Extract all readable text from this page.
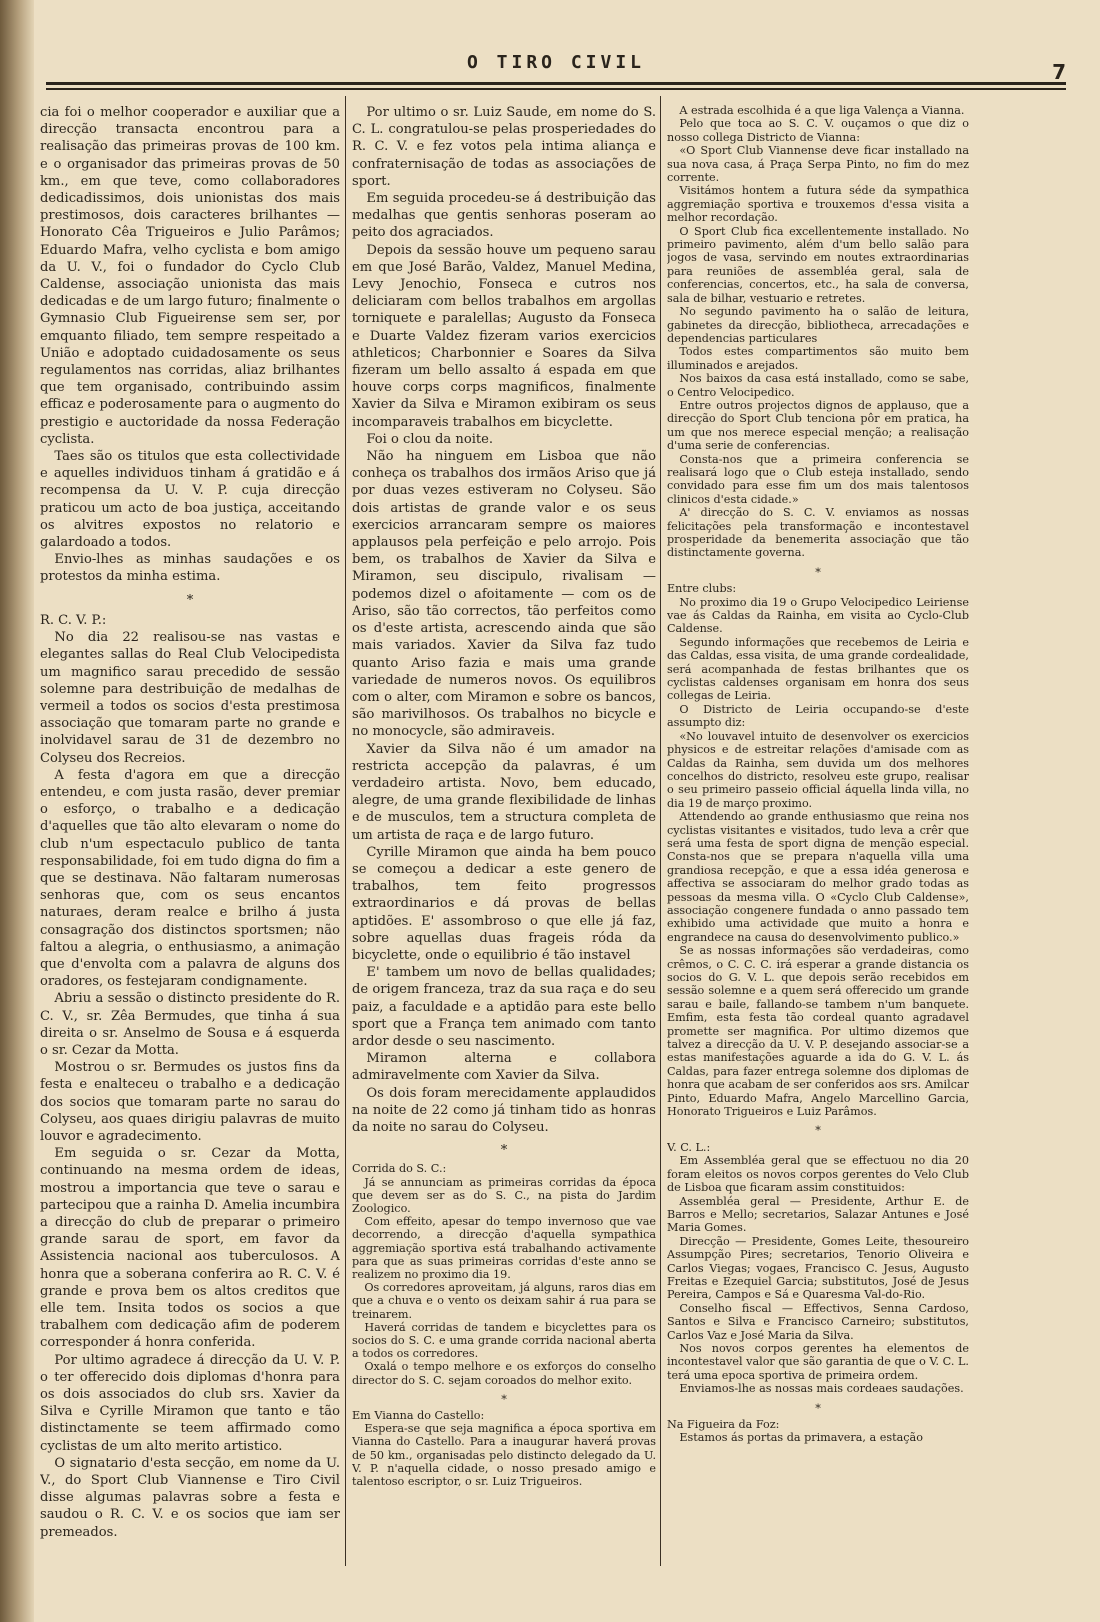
O TIRO CIVIL	7

cia foi o melhor cooperador e auxiliar que a direcção transacta encontrou para a realisação das primeiras provas de 100 km. e o organisador das primeiras provas de 50 km., em que teve, como collaboradores dedicadissimos, dois unionistas dos mais prestimosos, dois caracteres brilhantes — Honorato Cêa Trigueiros e Julio Parâmos; Eduardo Mafra, velho cyclista e bom amigo da U. V., foi o fundador do Cyclo Club Caldense, associação unionista das mais dedicadas e de um largo futuro; finalmente o Gymnasio Club Figueirense sem ser, por emquanto filiado, tem sempre respeitado a União e adoptado cuidadosamente os seus regulamentos nas corridas, aliaz brilhantes que tem organisado, contribuindo assim efficaz e poderosamente para o augmento do prestigio e auctoridade da nossa Federação cyclista.

Taes são os titulos que esta collectividade e aquelles individuos tinham á gratidão e á recompensa da U. V. P. cuja direcção praticou um acto de boa justiça, acceitando os alvitres expostos no relatorio e galardoado a todos.

Envio-lhes as minhas saudações e os protestos da minha estima.

*

R. C. V. P.:

No dia 22 realisou-se nas vastas e elegantes sallas do Real Club Velocipedista um magnifico sarau precedido de sessão solemne para destribuição de medalhas de vermeil a todos os socios d'esta prestimosa associação que tomaram parte no grande e inolvidavel sarau de 31 de dezembro no Colyseu dos Recreios.

A festa d'agora em que a direcção entendeu, e com justa rasão, dever premiar o esforço, o trabalho e a dedicação d'aquelles que tão alto elevaram o nome do club n'um espectaculo publico de tanta responsabilidade, foi em tudo digna do fim a que se destinava. Não faltaram numerosas senhoras que, com os seus encantos naturaes, deram realce e brilho á justa consagração dos distinctos sportsmen; não faltou a alegria, o enthusiasmo, a animação que d'envolta com a palavra de alguns dos oradores, os festejaram condignamente.

Abriu a sessão o distincto presidente do R. C. V., sr. Zêa Bermudes, que tinha á sua direita o sr. Anselmo de Sousa e á esquerda o sr. Cezar da Motta.

Mostrou o sr. Bermudes os justos fins da festa e enalteceu o trabalho e a dedicação dos socios que tomaram parte no sarau do Colyseu, aos quaes dirigiu palavras de muito louvor e agradecimento.

Em seguida o sr. Cezar da Motta, continuando na mesma ordem de ideas, mostrou a importancia que teve o sarau e partecipou que a rainha D. Amelia incumbira a direcção do club de preparar o primeiro grande sarau de sport, em favor da Assistencia nacional aos tuberculosos. A honra que a soberana conferira ao R. C. V. é grande e prova bem os altos creditos que elle tem. Insita todos os socios a que trabalhem com dedicação afim de poderem corresponder á honra conferida.

Por ultimo agradece á direcção da U. V. P. o ter offerecido dois diplomas d'honra para os dois associados do club srs. Xavier da Silva e Cyrille Miramon que tanto e tão distinctamente se teem affirmado como cyclistas de um alto merito artistico.

O signatario d'esta secção, em nome da U. V., do Sport Club Viannense e Tiro Civil disse algumas palavras sobre a festa e saudou o R. C. V. e os socios que iam ser premeados.

Por ultimo o sr. Luiz Saude, em nome do S. C. L. congratulou-se pelas prosperiedades do R. C. V. e fez votos pela intima aliança e confraternisação de todas as associações de sport.

Em seguida procedeu-se á destribuição das medalhas que gentis senhoras poseram ao peito dos agraciados.

Depois da sessão houve um pequeno sarau em que José Barão, Valdez, Manuel Medina, Levy Jenochio, Fonseca e cutros nos deliciaram com bellos trabalhos em argollas torniquete e paralellas; Augusto da Fonseca e Duarte Valdez fizeram varios exercicios athleticos; Charbonnier e Soares da Silva fizeram um bello assalto á espada em que houve corps corps magnificos, finalmente Xavier da Silva e Miramon exibiram os seus incomparaveis trabalhos em bicyclette.

Foi o clou da noite.

Não ha ninguem em Lisboa que não conheça os trabalhos dos irmãos Ariso que já por duas vezes estiveram no Colyseu. São dois artistas de grande valor e os seus exercicios arrancaram sempre os maiores applausos pela perfeição e pelo arrojo. Pois bem, os trabalhos de Xavier da Silva e Miramon, seu discipulo, rivalisam — podemos dizel o afoitamente — com os de Ariso, são tão correctos, tão perfeitos como os d'este artista, acrescendo ainda que são mais variados. Xavier da Silva faz tudo quanto Ariso fazia e mais uma grande variedade de numeros novos. Os equilibros com o alter, com Miramon e sobre os bancos, são marivilhosos. Os trabalhos no bicycle e no monocycle, são admiraveis.

Xavier da Silva não é um amador na restricta accepção da palavras, é um verdadeiro artista. Novo, bem educado, alegre, de uma grande flexibilidade de linhas e de musculos, tem a structura completa de um artista de raça e de largo futuro.

Cyrille Miramon que ainda ha bem pouco se começou a dedicar a este genero de trabalhos, tem feito progressos extraordinarios e dá provas de bellas aptidões. E' assombroso o que elle já faz, sobre aquellas duas frageis róda da bicyclette, onde o equilibrio é tão instavel

E' tambem um novo de bellas qualidades; de origem franceza, traz da sua raça e do seu paiz, a faculdade e a aptidão para este bello sport que a França tem animado com tanto ardor desde o seu nascimento.

Miramon alterna e collabora admiravelmente com Xavier da Silva.

Os dois foram merecidamente applaudidos na noite de 22 como já tinham tido as honras da noite no sarau do Colyseu.

*

Corrida do S. C.:

Já se annunciam as primeiras corridas da época que devem ser as do S. C., na pista do Jardim Zoologico.

Com effeito, apesar do tempo invernoso que vae decorrendo, a direcção d'aquella sympathica aggremiação sportiva está trabalhando activamente para que as suas primeiras corridas d'este anno se realizem no proximo dia 19.

Os corredores aproveitam, já alguns, raros dias em que a chuva e o vento os deixam sahir á rua para se treinarem.

Haverá corridas de tandem e bicyclettes para os socios do S. C. e uma grande corrida nacional aberta a todos os corredores.

Oxalá o tempo melhore e os exforços do conselho director do S. C. sejam coroados do melhor exito.

*

Em Vianna do Castello:

Espera-se que seja magnifica a época sportiva em Vianna do Castello. Para a inaugurar haverá provas de 50 km., organisadas pelo distincto delegado da U. V. P. n'aquella cidade, o nosso presado amigo e talentoso escriptor, o sr. Luiz Trigueiros.

A estrada escolhida é a que liga Valença a Vianna.

Pelo que toca ao S. C. V. ouçamos o que diz o nosso collega Districto de Vianna:

«O Sport Club Viannense deve ficar installado na sua nova casa, á Praça Serpa Pinto, no fim do mez corrente.

Visitámos hontem a futura séde da sympathica aggremiação sportiva e trouxemos d'essa visita a melhor recordação.

O Sport Club fica excellentemente installado. No primeiro pavimento, além d'um bello salão para jogos de vasa, servindo em noutes extraordinarias para reuniões de assembléa geral, sala de conferencias, concertos, etc., ha sala de conversa, sala de bilhar, vestuario e retretes.

No segundo pavimento ha o salão de leitura, gabinetes da direcção, bibliotheca, arrecadações e dependencias particulares

Todos estes compartimentos são muito bem illuminados e arejados.

Nos baixos da casa está installado, como se sabe, o Centro Velocipedico.

Entre outros projectos dignos de applauso, que a direcção do Sport Club tenciona pôr em pratica, ha um que nos merece especial menção; a realisação d'uma serie de conferencias.

Consta-nos que a primeira conferencia se realisará logo que o Club esteja installado, sendo convidado para esse fim um dos mais talentosos clinicos d'esta cidade.»

A' direcção do S. C. V. enviamos as nossas felicitações pela transformação e incontestavel prosperidade da benemerita associação que tão distinctamente governa.

*

Entre clubs:

No proximo dia 19 o Grupo Velocipedico Leiriense vae ás Caldas da Rainha, em visita ao Cyclo-Club Caldense.

Segundo informações que recebemos de Leiria e das Caldas, essa visita, de uma grande cordealidade, será acompanhada de festas brilhantes que os cyclistas caldenses organisam em honra dos seus collegas de Leiria.

O Districto de Leiria occupando-se d'este assumpto diz:

«No louvavel intuito de desenvolver os exercicios physicos e de estreitar relações d'amisade com as Caldas da Rainha, sem duvida um dos melhores concelhos do districto, resolveu este grupo, realisar o seu primeiro passeio official áquella linda villa, no dia 19 de março proximo.

Attendendo ao grande enthusiasmo que reina nos cyclistas visitantes e visitados, tudo leva a crêr que será uma festa de sport digna de menção especial. Consta-nos que se prepara n'aquella villa uma grandiosa recepção, e que a essa idéa generosa e affectiva se associaram do melhor grado todas as pessoas da mesma villa. O «Cyclo Club Caldense», associação congenere fundada o anno passado tem exhibido uma actividade que muito a honra e engrandece na causa do desenvolvimento publico.»

Se as nossas informações são verdadeiras, como crêmos, o C. C. C. irá esperar a grande distancia os socios do G. V. L. que depois serão recebidos em sessão solemne e a quem será offerecido um grande sarau e baile, fallando-se tambem n'um banquete. Emfim, esta festa tão cordeal quanto agradavel promette ser magnifica. Por ultimo dizemos que talvez a direcção da U. V. P. desejando associar-se a estas manifestações aguarde a ida do G. V. L. ás Caldas, para fazer entrega solemne dos diplomas de honra que acabam de ser conferidos aos srs. Amilcar Pinto, Eduardo Mafra, Angelo Marcellino Garcia, Honorato Trigueiros e Luiz Parâmos.

*

V. C. L.:

Em Assembléa geral que se effectuou no dia 20 foram eleitos os novos corpos gerentes do Velo Club de Lisboa que ficaram assim constituidos:

Assembléa geral — Presidente, Arthur E. de Barros e Mello; secretarios, Salazar Antunes e José Maria Gomes.

Direcção — Presidente, Gomes Leite, thesoureiro Assumpção Pires; secretarios, Tenorio Oliveira e Carlos Viegas; vogaes, Francisco C. Jesus, Augusto Freitas e Ezequiel Garcia; substitutos, José de Jesus Pereira, Campos e Sá e Quaresma Val-do-Rio.

Conselho fiscal — Effectivos, Senna Cardoso, Santos e Silva e Francisco Carneiro; substitutos, Carlos Vaz e José Maria da Silva.

Nos novos corpos gerentes ha elementos de incontestavel valor que são garantia de que o V. C. L. terá uma epoca sportiva de primeira ordem.

Enviamos-lhe as nossas mais cordeaes saudações.

*

Na Figueira da Foz:

Estamos ás portas da primavera, a estação
